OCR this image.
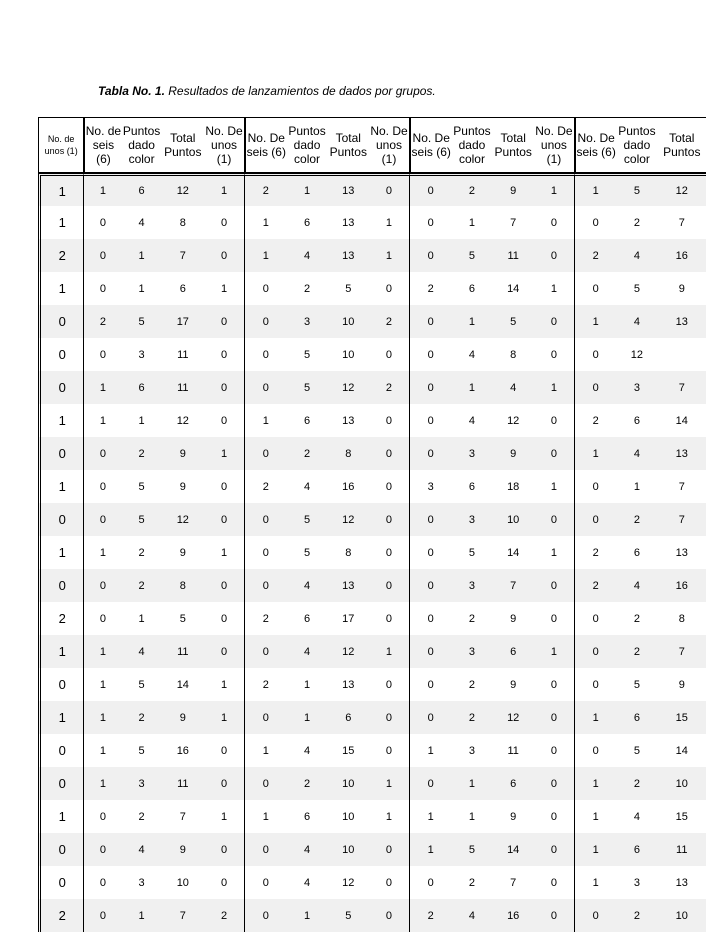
Tabla No. 1. Resultados de lanzamientos de dados por grupos.
No. de unos (1)	No. de seis (6)	Puntos dado color	Total Puntos	No. De unos (1)	No. De seis (6)	Puntos dado color	Total Puntos	No. De unos (1)	No. De seis (6)	Puntos dado color	Total Puntos	No. De unos (1)	No. De seis (6)	Puntos dado color	Total Puntos
1	1	6	12	1	2	1	13	0	0	2	9	1	1	5	12
1	0	4	8	0	1	6	13	1	0	1	7	0	0	2	7
2	0	1	7	0	1	4	13	1	0	5	11	0	2	4	16
1	0	1	6	1	0	2	5	0	2	6	14	1	0	5	9
0	2	5	17	0	0	3	10	2	0	1	5	0	1	4	13
0	0	3	11	0	0	5	10	0	0	4	8	0	0	12	
0	1	6	11	0	0	5	12	2	0	1	4	1	0	3	7
1	1	1	12	0	1	6	13	0	0	4	12	0	2	6	14
0	0	2	9	1	0	2	8	0	0	3	9	0	1	4	13
1	0	5	9	0	2	4	16	0	3	6	18	1	0	1	7
0	0	5	12	0	0	5	12	0	0	3	10	0	0	2	7
1	1	2	9	1	0	5	8	0	0	5	14	1	2	6	13
0	0	2	8	0	0	4	13	0	0	3	7	0	2	4	16
2	0	1	5	0	2	6	17	0	0	2	9	0	0	2	8
1	1	4	11	0	0	4	12	1	0	3	6	1	0	2	7
0	1	5	14	1	2	1	13	0	0	2	9	0	0	5	9
1	1	2	9	1	0	1	6	0	0	2	12	0	1	6	15
0	1	5	16	0	1	4	15	0	1	3	11	0	0	5	14
0	1	3	11	0	0	2	10	1	0	1	6	0	1	2	10
1	0	2	7	1	1	6	10	1	1	1	9	0	1	4	15
0	0	4	9	0	0	4	10	0	1	5	14	0	1	6	11
0	0	3	10	0	0	4	12	0	0	2	7	0	1	3	13
2	0	1	7	2	0	1	5	0	2	4	16	0	0	2	10
